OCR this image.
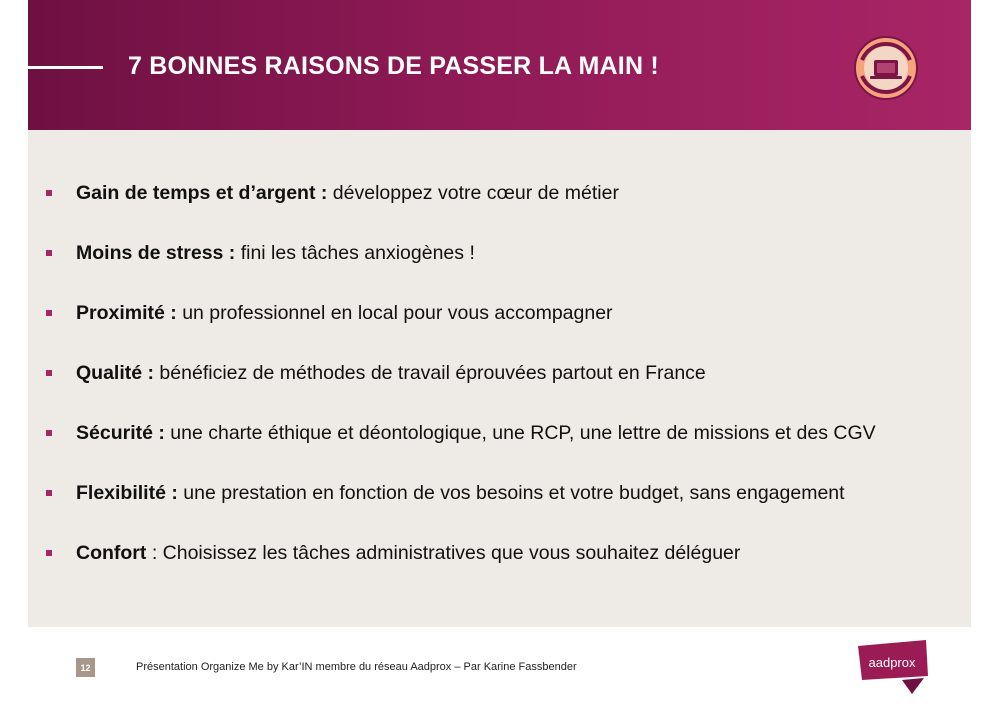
7 BONNES RAISONS DE PASSER LA MAIN !
Gain de temps et d’argent : développez votre cœur de métier
Moins de stress : fini les tâches anxiogènes !
Proximité : un professionnel en local pour vous accompagner
Qualité : bénéficiez de méthodes de travail éprouvées partout en France
Sécurité : une charte éthique et déontologique, une RCP, une lettre de missions et des CGV
Flexibilité : une prestation en fonction de vos besoins et votre budget, sans engagement
Confort : Choisissez les tâches administratives que vous souhaitez déléguer
12	Présentation Organize Me by Kar’IN membre du réseau Aadprox – Par Karine Fassbender	aadprox
